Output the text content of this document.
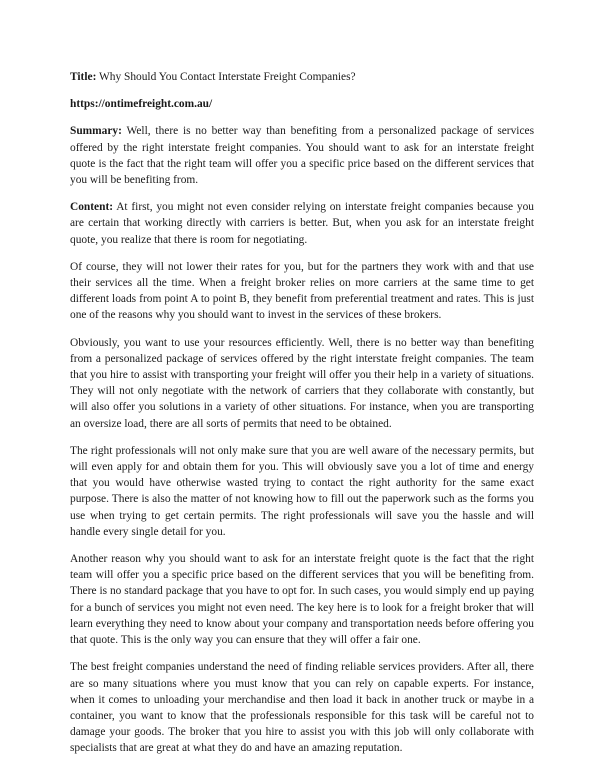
Title: Why Should You Contact Interstate Freight Companies?

https://ontimefreight.com.au/

Summary: Well, there is no better way than benefiting from a personalized package of services offered by the right interstate freight companies. You should want to ask for an interstate freight quote is the fact that the right team will offer you a specific price based on the different services that you will be benefiting from.

Content: At first, you might not even consider relying on interstate freight companies because you are certain that working directly with carriers is better. But, when you ask for an interstate freight quote, you realize that there is room for negotiating.

Of course, they will not lower their rates for you, but for the partners they work with and that use their services all the time. When a freight broker relies on more carriers at the same time to get different loads from point A to point B, they benefit from preferential treatment and rates. This is just one of the reasons why you should want to invest in the services of these brokers.

Obviously, you want to use your resources efficiently. Well, there is no better way than benefiting from a personalized package of services offered by the right interstate freight companies. The team that you hire to assist with transporting your freight will offer you their help in a variety of situations. They will not only negotiate with the network of carriers that they collaborate with constantly, but will also offer you solutions in a variety of other situations. For instance, when you are transporting an oversize load, there are all sorts of permits that need to be obtained.

The right professionals will not only make sure that you are well aware of the necessary permits, but will even apply for and obtain them for you. This will obviously save you a lot of time and energy that you would have otherwise wasted trying to contact the right authority for the same exact purpose. There is also the matter of not knowing how to fill out the paperwork such as the forms you use when trying to get certain permits. The right professionals will save you the hassle and will handle every single detail for you.

Another reason why you should want to ask for an interstate freight quote is the fact that the right team will offer you a specific price based on the different services that you will be benefiting from. There is no standard package that you have to opt for. In such cases, you would simply end up paying for a bunch of services you might not even need. The key here is to look for a freight broker that will learn everything they need to know about your company and transportation needs before offering you that quote. This is the only way you can ensure that they will offer a fair one.

The best freight companies understand the need of finding reliable services providers. After all, there are so many situations where you must know that you can rely on capable experts. For instance, when it comes to unloading your merchandise and then load it back in another truck or maybe in a container, you want to know that the professionals responsible for this task will be careful not to damage your goods. The broker that you hire to assist you with this job will only collaborate with specialists that are great at what they do and have an amazing reputation.
